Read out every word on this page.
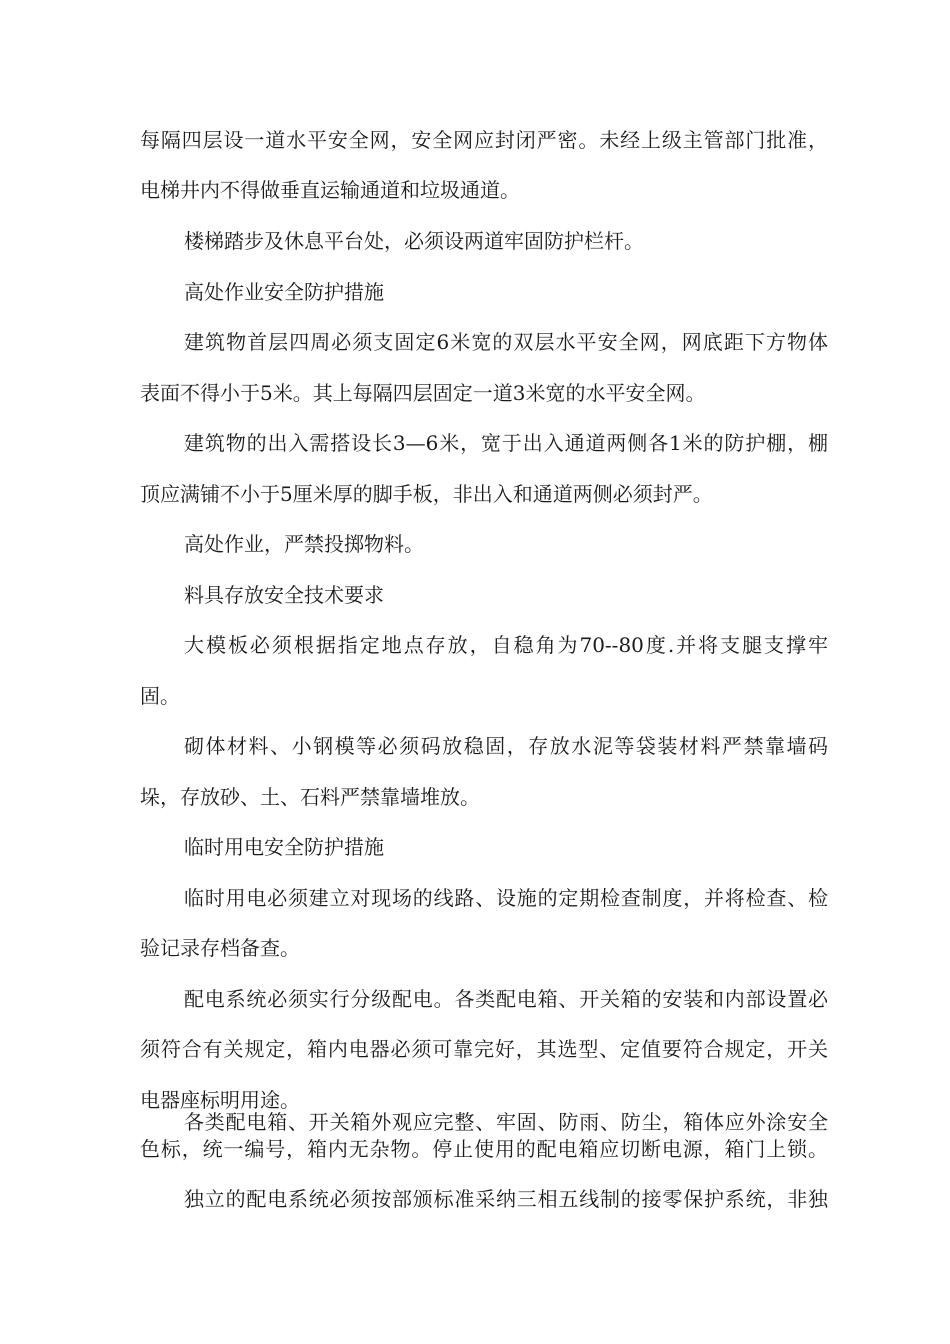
每隔四层设一道水平安全网，安全网应封闭严密。未经上级主管部门批准，

电梯井内不得做垂直运输通道和垃圾通道。

楼梯踏步及休息平台处，必须设两道牢固防护栏杆。

高处作业安全防护措施

建筑物首层四周必须支固定6米宽的双层水平安全网，网底距下方物体

表面不得小于5米。其上每隔四层固定一道3米宽的水平安全网。

建筑物的出入需搭设长3—6米，宽于出入通道两侧各1米的防护棚，棚

顶应满铺不小于5厘米厚的脚手板，非出入和通道两侧必须封严。

高处作业，严禁投掷物料。

料具存放安全技术要求

大模板必须根据指定地点存放，自稳角为70--80度.并将支腿支撑牢

固。

砌体材料、小钢模等必须码放稳固，存放水泥等袋装材料严禁靠墙码

垛，存放砂、土、石料严禁靠墙堆放。

临时用电安全防护措施

临时用电必须建立对现场的线路、设施的定期检查制度，并将检查、检

验记录存档备查。

配电系统必须实行分级配电。各类配电箱、开关箱的安装和内部设置必

须符合有关规定，箱内电器必须可靠完好，其选型、定值要符合规定，开关

电器座标明用途。

各类配电箱、开关箱外观应完整、牢固、防雨、防尘，箱体应外涂安全

色标，统一编号，箱内无杂物。停止使用的配电箱应切断电源，箱门上锁。

独立的配电系统必须按部颁标准采纳三相五线制的接零保护系统，非独
